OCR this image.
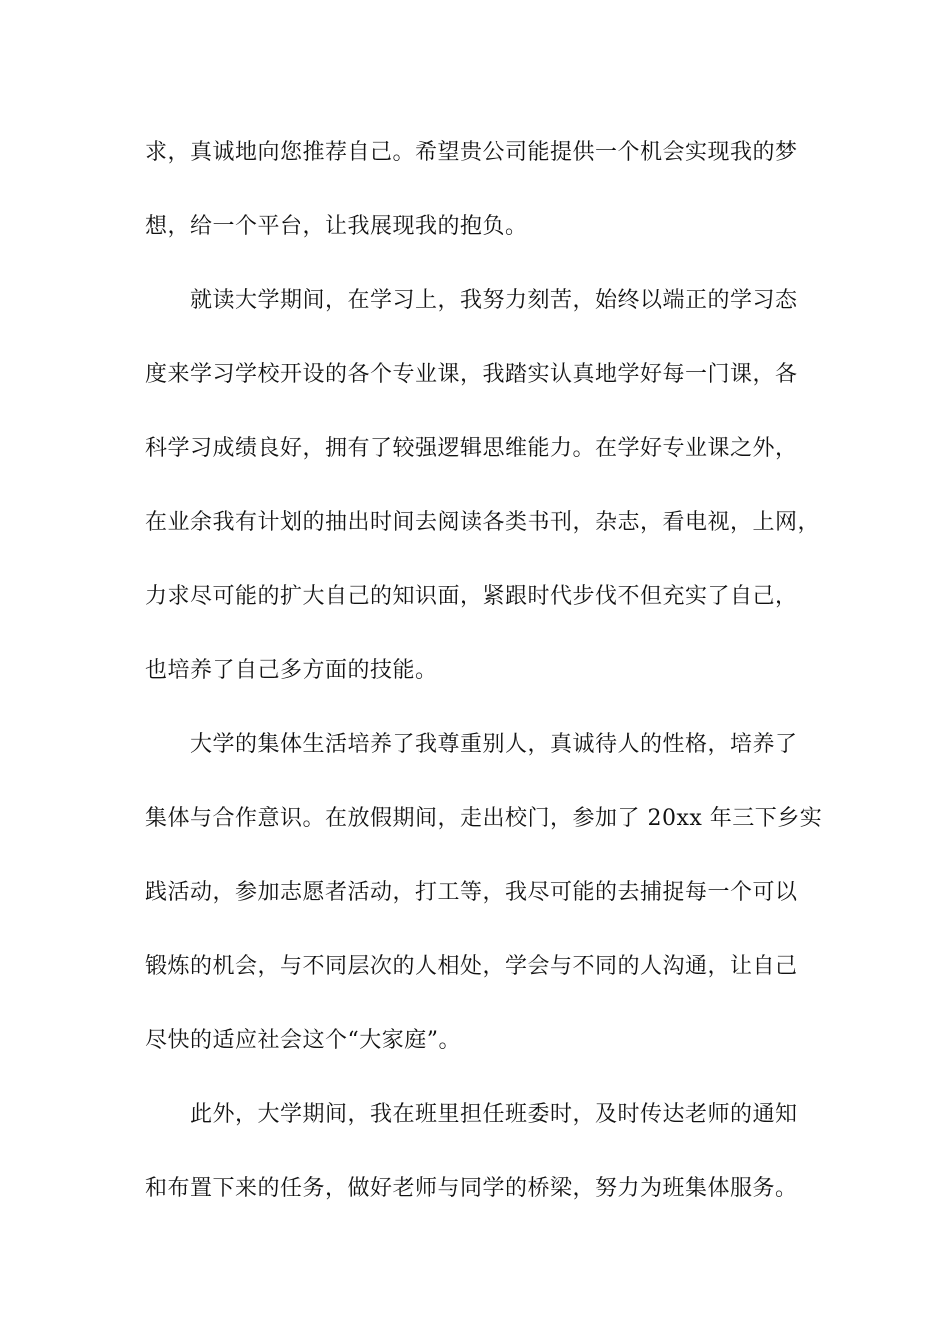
求，真诚地向您推荐自己。希望贵公司能提供一个机会实现我的梦
想，给一个平台，让我展现我的抱负。
就读大学期间，在学习上，我努力刻苦，始终以端正的学习态
度来学习学校开设的各个专业课，我踏实认真地学好每一门课，各
科学习成绩良好，拥有了较强逻辑思维能力。在学好专业课之外，
在业余我有计划的抽出时间去阅读各类书刊，杂志，看电视，上网，
力求尽可能的扩大自己的知识面，紧跟时代步伐不但充实了自己，
也培养了自己多方面的技能。
大学的集体生活培养了我尊重别人，真诚待人的性格，培养了
集体与合作意识。在放假期间，走出校门，参加了 20xx 年三下乡实
践活动，参加志愿者活动，打工等，我尽可能的去捕捉每一个可以
锻炼的机会，与不同层次的人相处，学会与不同的人沟通，让自己
尽快的适应社会这个“大家庭”。
此外，大学期间，我在班里担任班委时，及时传达老师的通知
和布置下来的任务，做好老师与同学的桥梁，努力为班集体服务。
